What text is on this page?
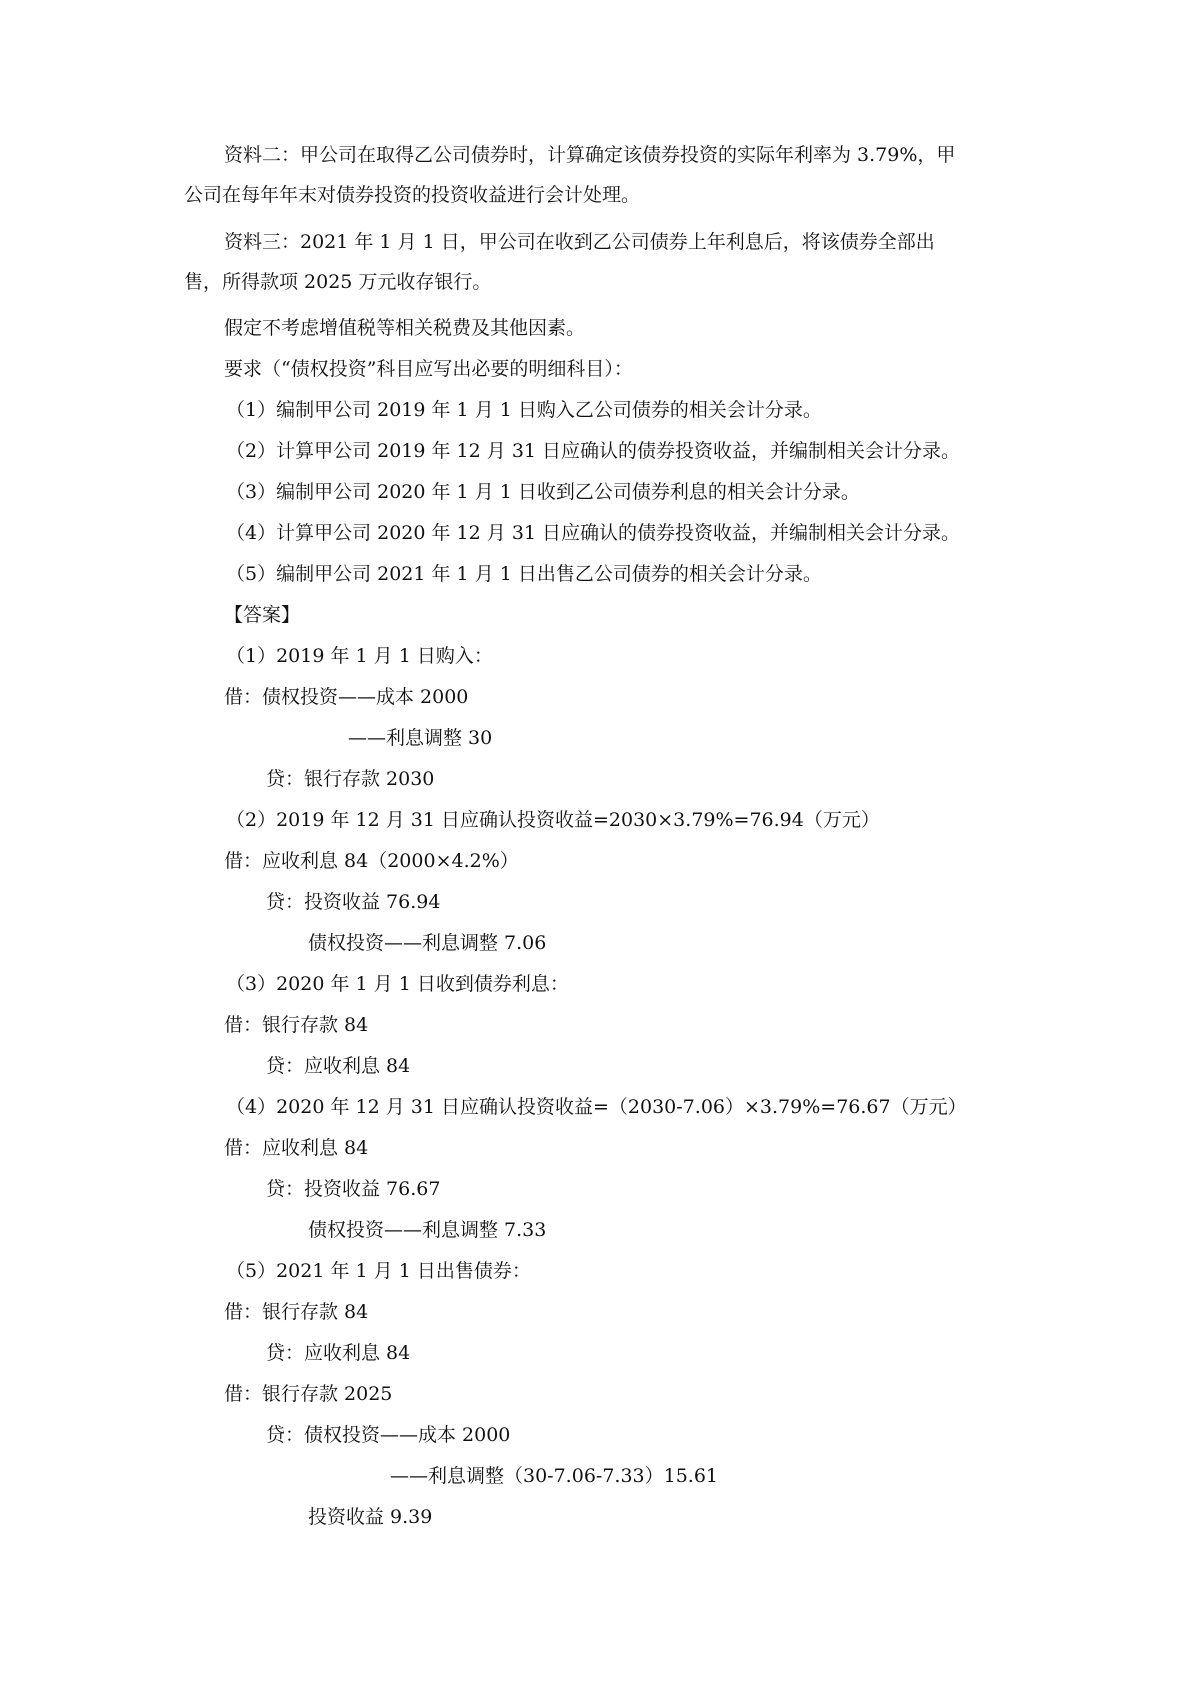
资料二：甲公司在取得乙公司债券时，计算确定该债券投资的实际年利率为 3.79%，甲
公司在每年年末对债券投资的投资收益进行会计处理。
资料三：2021 年 1 月 1 日，甲公司在收到乙公司债券上年利息后，将该债券全部出
售，所得款项 2025 万元收存银行。
假定不考虑增值税等相关税费及其他因素。
要求（“债权投资”科目应写出必要的明细科目）：
（1）编制甲公司 2019 年 1 月 1 日购入乙公司债券的相关会计分录。
（2）计算甲公司 2019 年 12 月 31 日应确认的债券投资收益，并编制相关会计分录。
（3）编制甲公司 2020 年 1 月 1 日收到乙公司债券利息的相关会计分录。
（4）计算甲公司 2020 年 12 月 31 日应确认的债券投资收益，并编制相关会计分录。
（5）编制甲公司 2021 年 1 月 1 日出售乙公司债券的相关会计分录。
【答案】
（1）2019 年 1 月 1 日购入：
借：债权投资——成本 2000
——利息调整 30
贷：银行存款 2030
（2）2019 年 12 月 31 日应确认投资收益=2030×3.79%=76.94（万元）
借：应收利息 84（2000×4.2%）
贷：投资收益 76.94
债权投资——利息调整 7.06
（3）2020 年 1 月 1 日收到债券利息：
借：银行存款 84
贷：应收利息 84
（4）2020 年 12 月 31 日应确认投资收益=（2030-7.06）×3.79%=76.67（万元）
借：应收利息 84
贷：投资收益 76.67
债权投资——利息调整 7.33
（5）2021 年 1 月 1 日出售债券：
借：银行存款 84
贷：应收利息 84
借：银行存款 2025
贷：债权投资——成本 2000
——利息调整（30-7.06-7.33）15.61
投资收益 9.39
